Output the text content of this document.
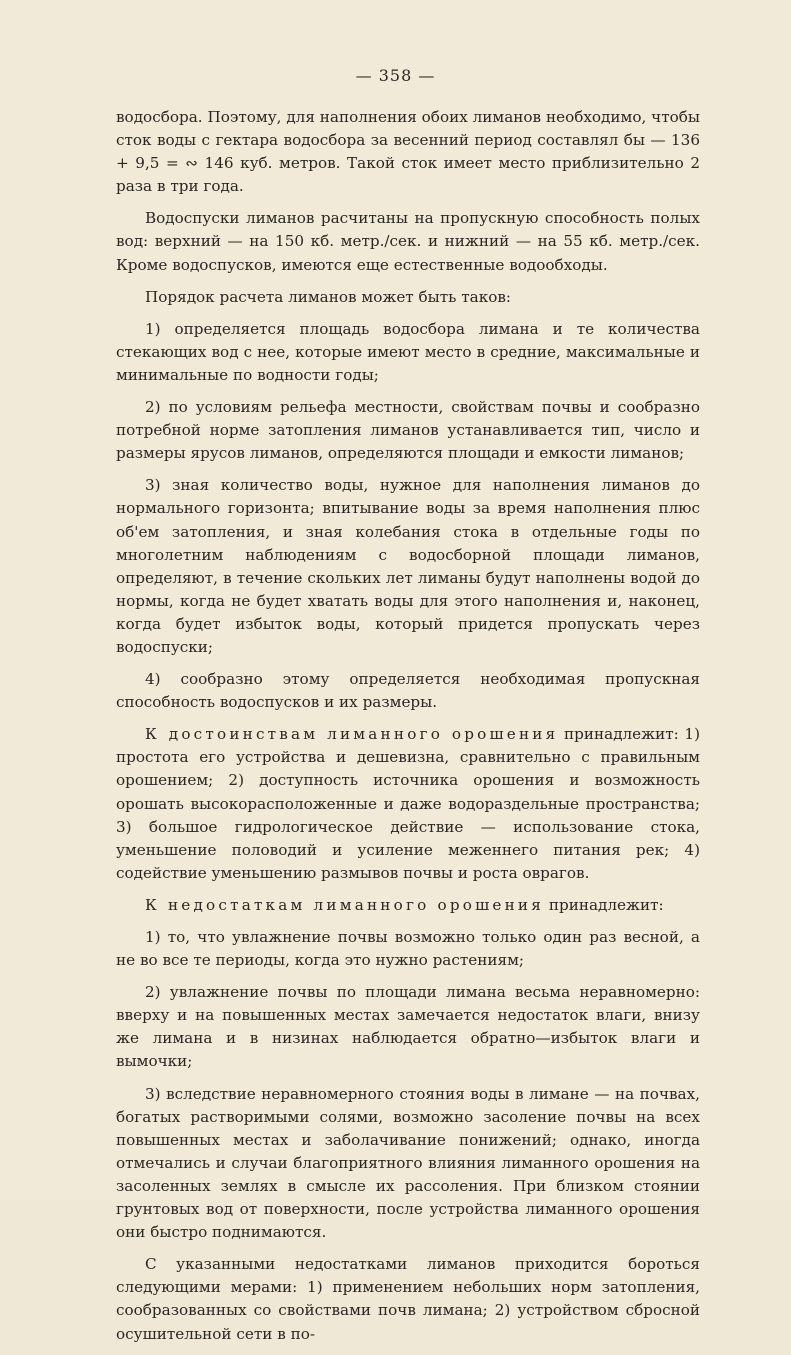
— 358 —

водосбора. Поэтому, для наполнения обоих лиманов необходимо, чтобы сток воды с гектара водосбора за весенний период составлял бы — 136 + 9,5 = ∾ 146 куб. метров. Такой сток имеет место приблизительно 2 раза в три года.

Водоспуски лиманов расчитаны на пропускную способность полых вод: верхний — на 150 кб. метр./сек. и нижний — на 55 кб. метр./сек. Кроме водоспусков, имеются еще естественные водообходы.

Порядок расчета лиманов может быть таков:

1) определяется площадь водосбора лимана и те количества стекающих вод с нее, которые имеют место в средние, максимальные и минимальные по водности годы;

2) по условиям рельефа местности, свойствам почвы и сообразно потребной норме затопления лиманов устанавливается тип, число и размеры ярусов лиманов, определяются площади и емкости лиманов;

3) зная количество воды, нужное для наполнения лиманов до нормального горизонта; впитывание воды за время наполнения плюс об'ем затопления, и зная колебания стока в отдельные годы по многолетним наблюдениям с водосборной площади лиманов, определяют, в течение скольких лет лиманы будут наполнены водой до нормы, когда не будет хватать воды для этого наполнения и, наконец, когда будет избыток воды, который придется пропускать через водоспуски;

4) сообразно этому определяется необходимая пропускная способность водоспусков и их размеры.

К достоинствам лиманного орошения принадлежит: 1) простота его устройства и дешевизна, сравнительно с правильным орошением; 2) доступность источника орошения и возможность орошать высокорасположенные и даже водораздельные пространства; 3) большое гидрологическое действие — использование стока, уменьшение половодий и усиление меженнего питания рек; 4) содействие уменьшению размывов почвы и роста оврагов.

К недостаткам лиманного орошения принадлежит:

1) то, что увлажнение почвы возможно только один раз весной, а не во все те периоды, когда это нужно растениям;

2) увлажнение почвы по площади лимана весьма неравномерно: вверху и на повышенных местах замечается недостаток влаги, внизу же лимана и в низинах наблюдается обратно—избыток влаги и вымочки;

3) вследствие неравномерного стояния воды в лимане — на почвах, богатых растворимыми солями, возможно засоление почвы на всех повышенных местах и заболачивание понижений; однако, иногда отмечались и случаи благоприятного влияния лиманного орошения на засоленных землях в смысле их рассоления. При близком стоянии грунтовых вод от поверхности, после устройства лиманного орошения они быстро поднимаются.

С указанными недостатками лиманов приходится бороться следующими мерами: 1) применением небольших норм затопления, сообразованных со свойствами почв лимана; 2) устройством сбросной осушительной сети в по-
